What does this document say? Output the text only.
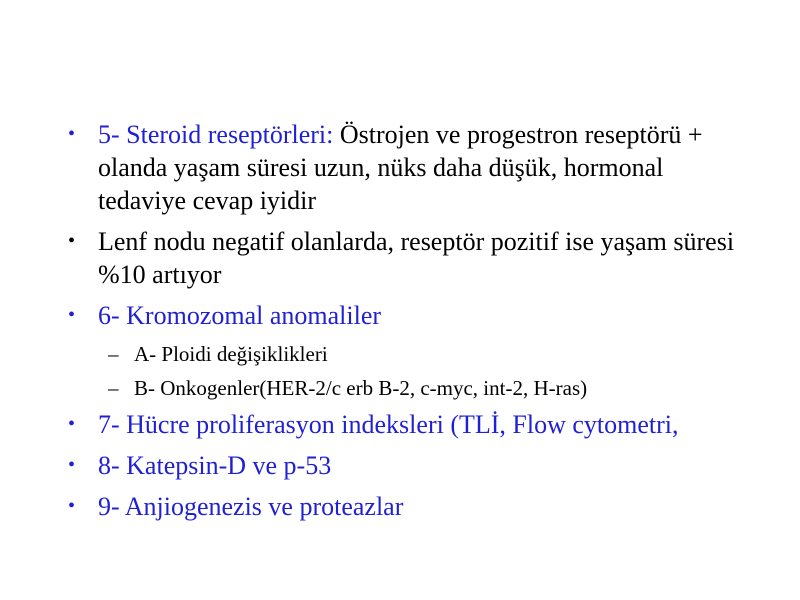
• 5- Steroid reseptörleri: Östrojen ve progestron reseptörü + olanda yaşam süresi uzun, nüks daha düşük, hormonal tedaviye cevap iyidir
• Lenf nodu negatif olanlarda, reseptör pozitif ise yaşam süresi %10 artıyor
• 6- Kromozomal anomaliler
– A- Ploidi değişiklikleri
– B- Onkogenler(HER-2/c erb B-2, c-myc, int-2, H-ras)
• 7- Hücre proliferasyon indeksleri (TLİ, Flow cytometri,
• 8- Katepsin-D ve p-53
• 9- Anjiogenezis ve proteazlar
